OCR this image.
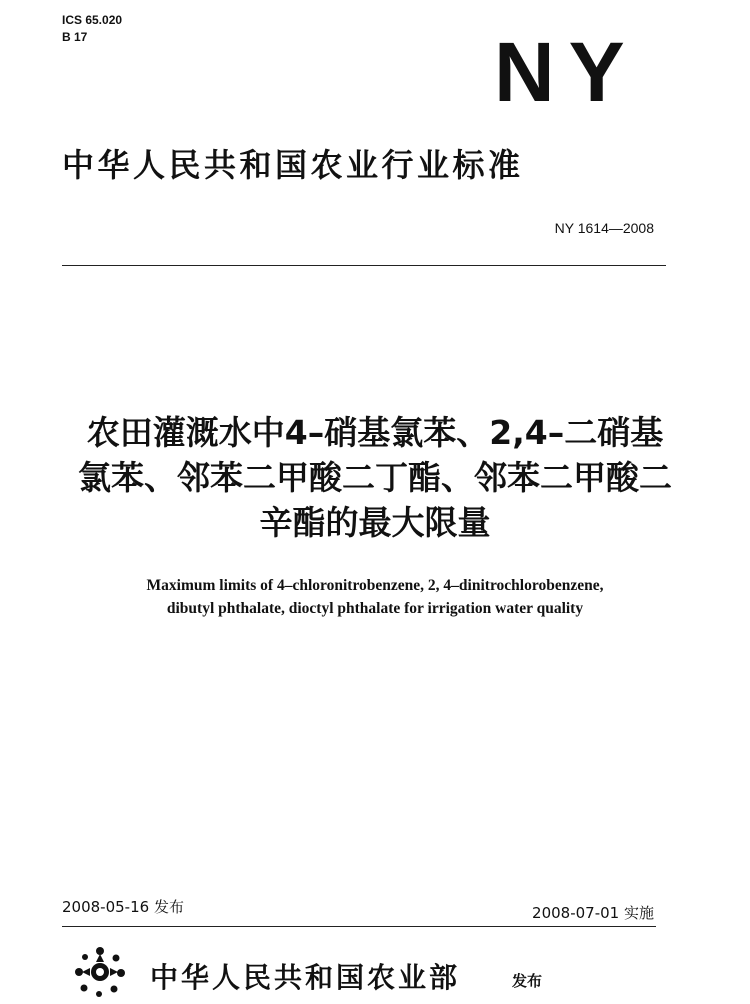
ICS 65.020
B 17	NY
中华人民共和国农业行业标准
NY 1614—2008
农田灌溉水中4–硝基氯苯、2,4–二硝基
氯苯、邻苯二甲酸二丁酯、邻苯二甲酸二
辛酯的最大限量
Maximum limits of 4–chloronitrobenzene, 2, 4–dinitrochlorobenzene,
dibutyl phthalate, dioctyl phthalate for irrigation water quality
2008-05-16 发布	2008-07-01 实施
中华人民共和国农业部	发布
